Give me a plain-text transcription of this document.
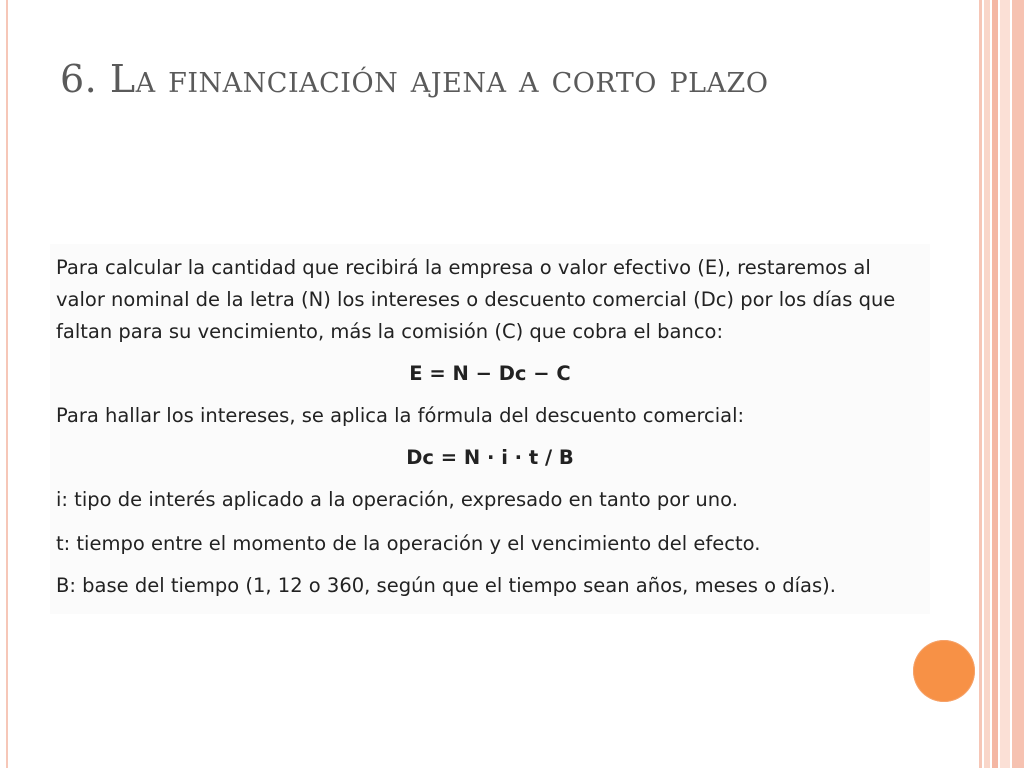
6. La financiación ajena a corto plazo

Para calcular la cantidad que recibirá la empresa o valor efectivo (E), restaremos al

valor nominal de la letra (N) los intereses o descuento comercial (Dc) por los días que

faltan para su vencimiento, más la comisión (C) que cobra el banco:

E = N − Dc − C

Para hallar los intereses, se aplica la fórmula del descuento comercial:

Dc = N · i · t / B

i: tipo de interés aplicado a la operación, expresado en tanto por uno.

t: tiempo entre el momento de la operación y el vencimiento del efecto.

B: base del tiempo (1, 12 o 360, según que el tiempo sean años, meses o días).
